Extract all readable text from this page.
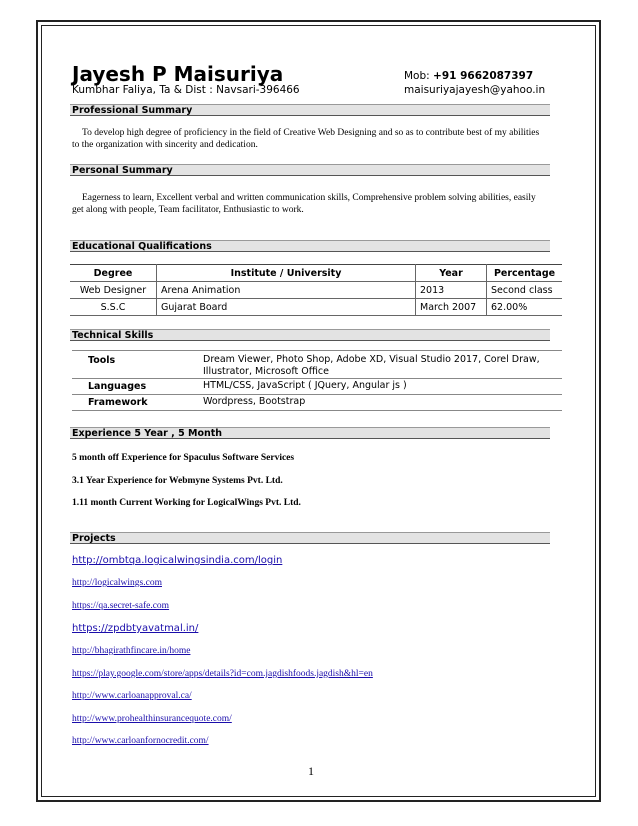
Jayesh P Maisuriya
Kumbhar Faliya, Ta & Dist : Navsari-396466
Mob: +91 9662087397
maisuriyajayesh@yahoo.in
Professional Summary
To develop high degree of proficiency in the field of Creative Web Designing and so as to contribute best of my abilities to the organization with sincerity and dedication.
Personal Summary
Eagerness to learn, Excellent verbal and written communication skills, Comprehensive problem solving abilities, easily get along with people, Team facilitator, Enthusiastic to work.
Educational Qualifications
Degree	Institute / University	Year	Percentage
Web Designer	Arena Animation	2013	Second class
S.S.C	Gujarat Board	March 2007	62.00%
Technical Skills
Tools	Dream Viewer, Photo Shop, Adobe XD, Visual Studio 2017, Corel Draw, Illustrator, Microsoft Office
Languages	HTML/CSS, JavaScript ( JQuery, Angular js )
Framework	Wordpress, Bootstrap
Experience 5 Year , 5 Month
5 month off Experience for Spaculus Software Services
3.1 Year Experience for Webmyne Systems Pvt. Ltd.
1.11 month Current Working for LogicalWings Pvt. Ltd.
Projects
http://ombtqa.logicalwingsindia.com/login
http://logicalwings.com
https://qa.secret-safe.com
https://zpdbtyavatmal.in/
http://bhagirathfincare.in/home
https://play.google.com/store/apps/details?id=com.jagdishfoods.jagdish&hl=en
http://www.carloanapproval.ca/
http://www.prohealthinsurancequote.com/
http://www.carloanfornocredit.com/
1
